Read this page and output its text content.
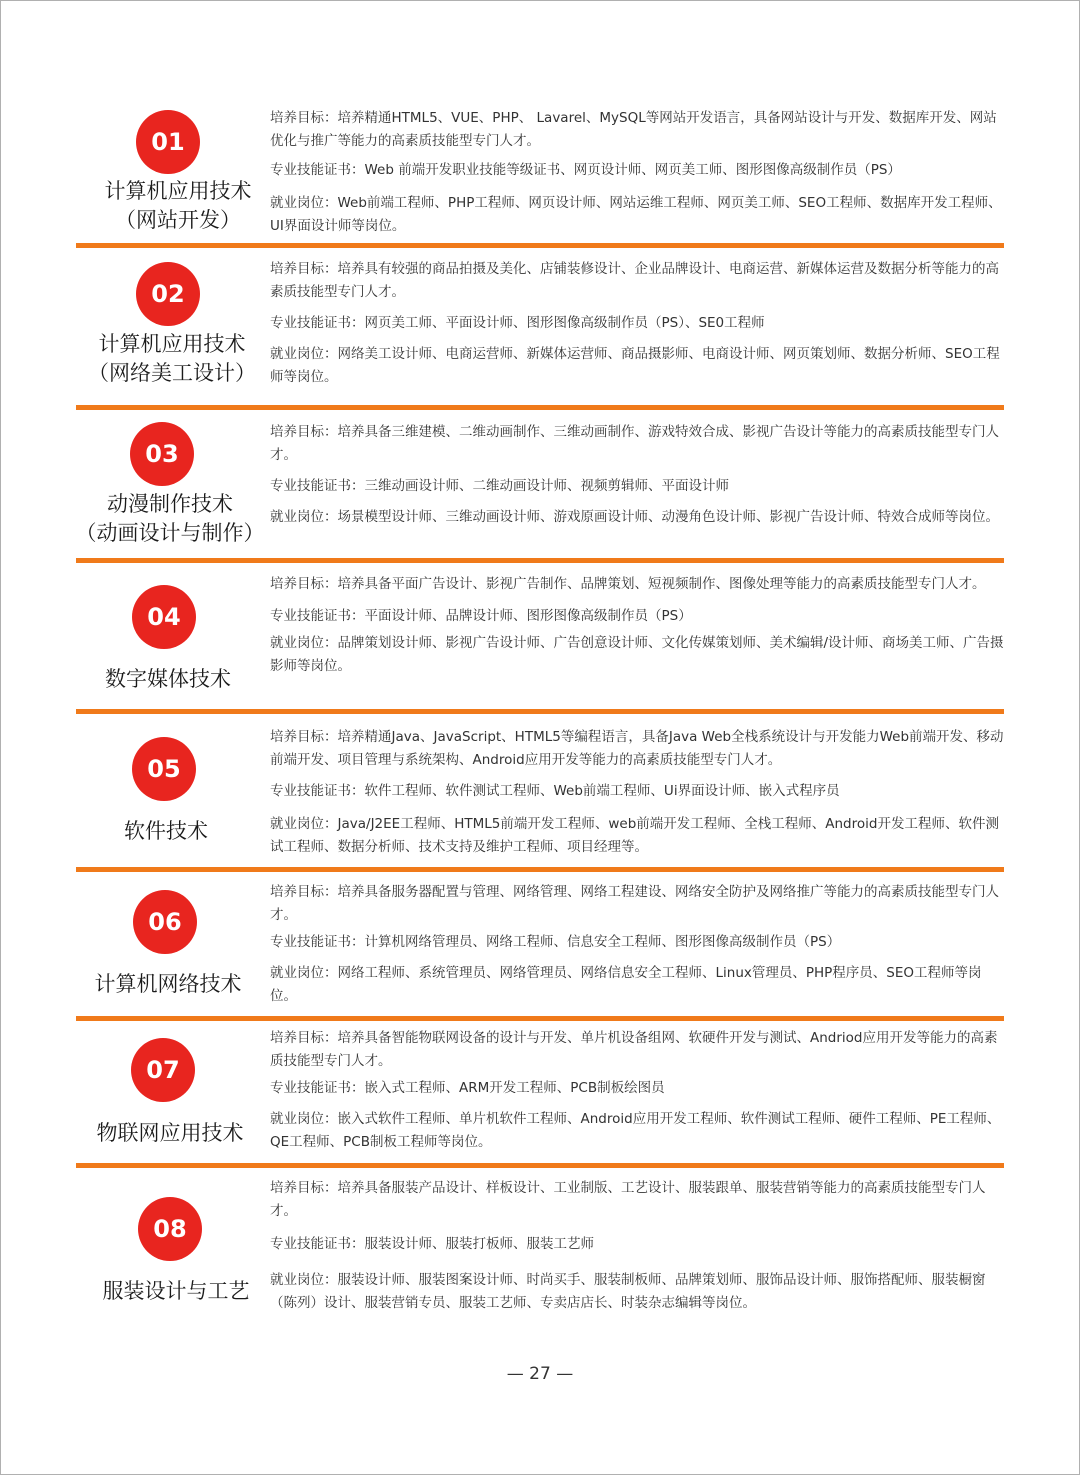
01
计算机应用技术
（网站开发）

培养目标：培养精通HTML5、VUE、PHP、 Lavarel、MySQL等网站开发语言，具备网站设计与开发、数据库开发、网站优化与推广等能力的高素质技能型专门人才。

专业技能证书：Web 前端开发职业技能等级证书、网页设计师、网页美工师、图形图像高级制作员（PS）

就业岗位：Web前端工程师、PHP工程师、网页设计师、网站运维工程师、网页美工师、SEO工程师、数据库开发工程师、UI界面设计师等岗位。

02
计算机应用技术
（网络美工设计）

培养目标：培养具有较强的商品拍摄及美化、店铺装修设计、企业品牌设计、电商运营、新媒体运营及数据分析等能力的高素质技能型专门人才。

专业技能证书：网页美工师、平面设计师、图形图像高级制作员（PS）、SE0工程师

就业岗位：网络美工设计师、电商运营师、新媒体运营师、商品摄影师、电商设计师、网页策划师、数据分析师、SEO工程师等岗位。

03
动漫制作技术
（动画设计与制作）

培养目标：培养具备三维建模、二维动画制作、三维动画制作、游戏特效合成、影视广告设计等能力的高素质技能型专门人才。

专业技能证书：三维动画设计师、二维动画设计师、视频剪辑师、平面设计师

就业岗位：场景模型设计师、三维动画设计师、游戏原画设计师、动漫角色设计师、影视广告设计师、特效合成师等岗位。

04
数字媒体技术

培养目标：培养具备平面广告设计、影视广告制作、品牌策划、短视频制作、图像处理等能力的高素质技能型专门人才。

专业技能证书：平面设计师、品牌设计师、图形图像高级制作员（PS）

就业岗位：品牌策划设计师、影视广告设计师、广告创意设计师、文化传媒策划师、美术编辑/设计师、商场美工师、广告摄影师等岗位。

05
软件技术

培养目标：培养精通Java、JavaScript、HTML5等编程语言，具备Java Web全栈系统设计与开发能力Web前端开发、移动前端开发、项目管理与系统架构、Android应用开发等能力的高素质技能型专门人才。

专业技能证书：软件工程师、软件测试工程师、Web前端工程师、Ui界面设计师、嵌入式程序员

就业岗位：Java/J2EE工程师、HTML5前端开发工程师、web前端开发工程师、全栈工程师、Android开发工程师、软件测试工程师、数据分析师、技术支持及维护工程师、项目经理等。

06
计算机网络技术

培养目标：培养具备服务器配置与管理、网络管理、网络工程建设、网络安全防护及网络推广等能力的高素质技能型专门人才。

专业技能证书：计算机网络管理员、网络工程师、信息安全工程师、图形图像高级制作员（PS）

就业岗位：网络工程师、系统管理员、网络管理员、网络信息安全工程师、Linux管理员、PHP程序员、SEO工程师等岗位。

07
物联网应用技术

培养目标：培养具备智能物联网设备的设计与开发、单片机设备组网、软硬件开发与测试、Andriod应用开发等能力的高素质技能型专门人才。

专业技能证书：嵌入式工程师、ARM开发工程师、PCB制板绘图员

就业岗位：嵌入式软件工程师、单片机软件工程师、Android应用开发工程师、软件测试工程师、硬件工程师、PE工程师、QE工程师、PCB制板工程师等岗位。

08
服装设计与工艺

培养目标：培养具备服装产品设计、样板设计、工业制版、工艺设计、服装跟单、服装营销等能力的高素质技能型专门人才。

专业技能证书：服装设计师、服装打板师、服装工艺师

就业岗位：服装设计师、服装图案设计师、时尚买手、服装制板师、品牌策划师、服饰品设计师、服饰搭配师、服装橱窗（陈列）设计、服装营销专员、服装工艺师、专卖店店长、时装杂志编辑等岗位。

— 27 —
